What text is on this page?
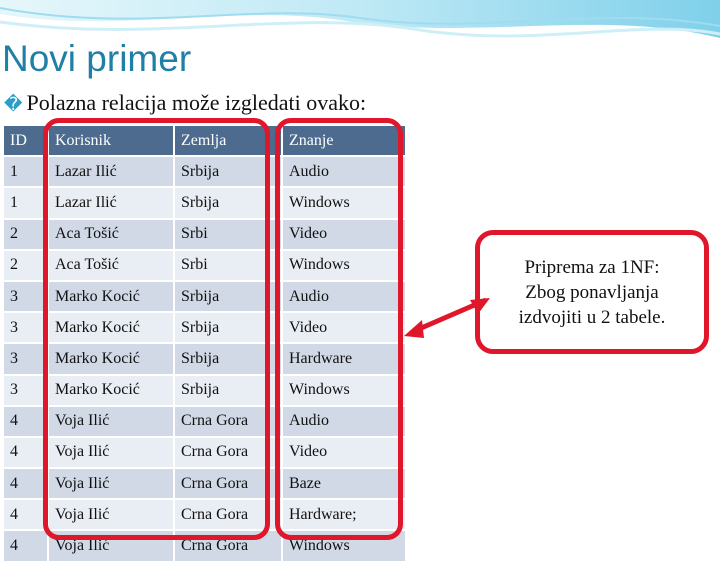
Novi primer
� Polazna relacija može izgledati ovako:
ID	Korisnik	Zemlja	Znanje
1	Lazar Ilić	Srbija	Audio
1	Lazar Ilić	Srbija	Windows
2	Aca Tošić	Srbi	Video
2	Aca Tošić	Srbi	Windows
3	Marko Kocić	Srbija	Audio
3	Marko Kocić	Srbija	Video
3	Marko Kocić	Srbija	Hardware
3	Marko Kocić	Srbija	Windows
4	Voja Ilić	Crna Gora	Audio
4	Voja Ilić	Crna Gora	Video
4	Voja Ilić	Crna Gora	Baze
4	Voja Ilić	Crna Gora	Hardware;
4	Voja Ilić	Crna Gora	Windows
Priprema za 1NF:
Zbog ponavljanja
izdvojiti u 2 tabele.
